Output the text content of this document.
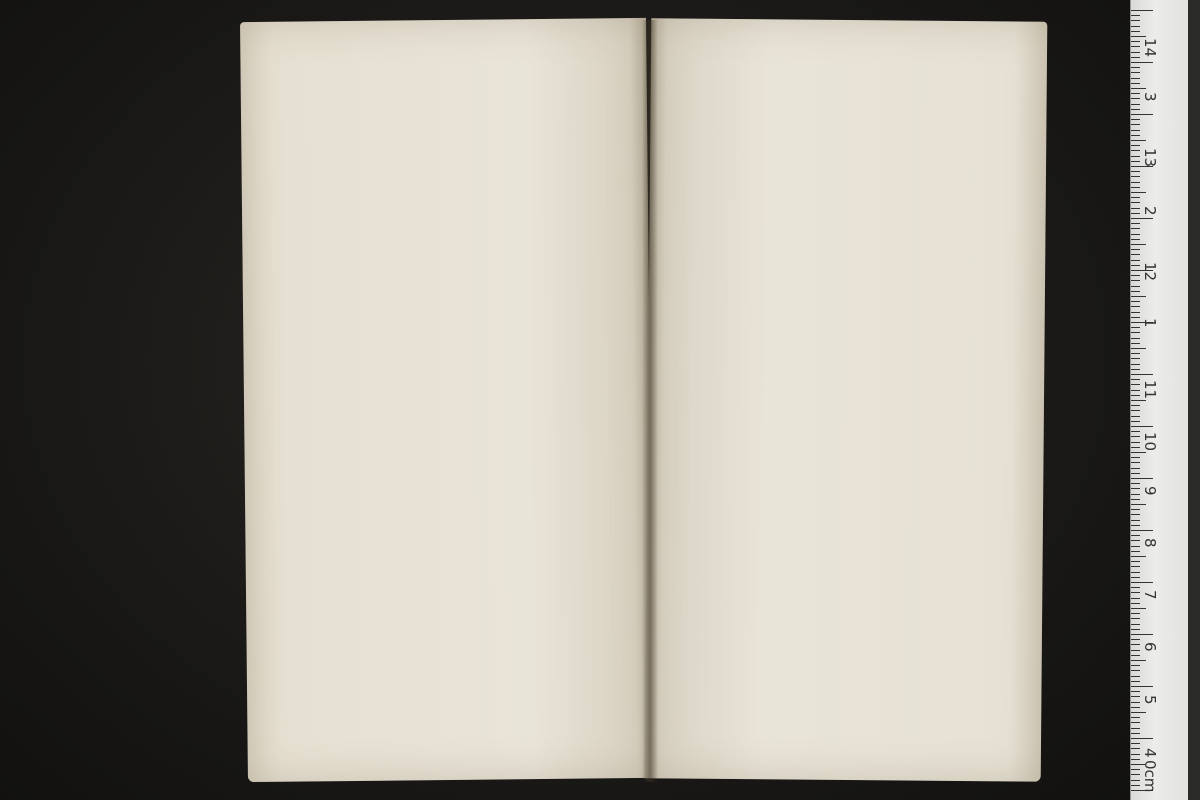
14
3
13
2
12
1
11
10
9
8
7
6
5
4
0cm
